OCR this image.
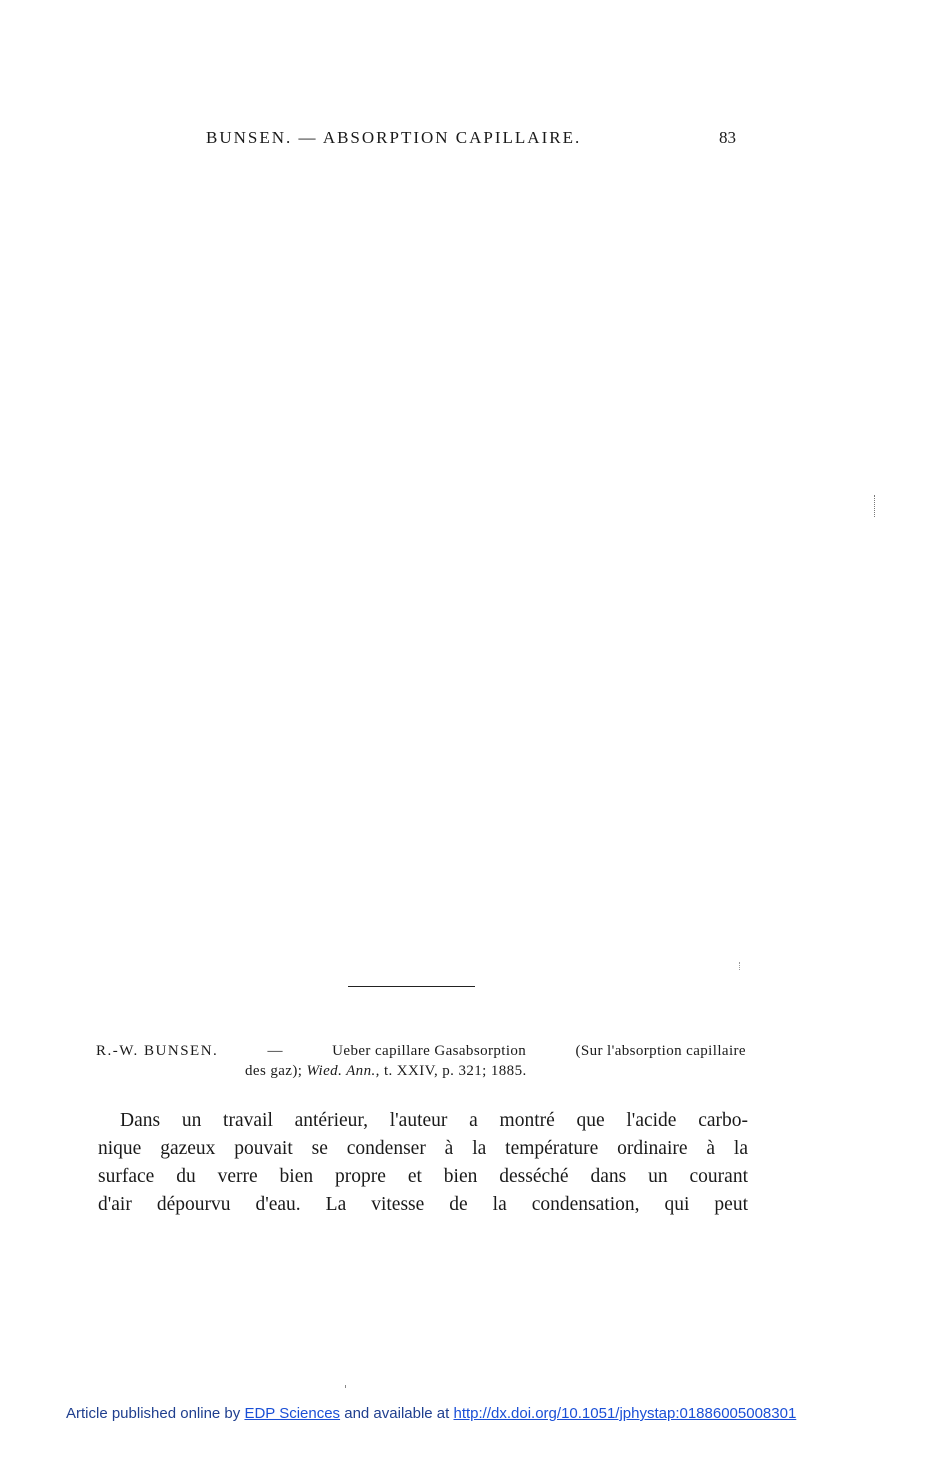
BUNSEN. — ABSORPTION CAPILLAIRE.	83
R.-W. BUNSEN.	—	Ueber capillare Gasabsorption	(Sur l'absorption capillaire
des gaz); Wied. Ann., t. XXIV, p. 321; 1885.
Dans un travail antérieur, l'auteur a montré que l'acide carbo-
nique gazeux pouvait se condenser à la température ordinaire à la
surface du verre bien propre et bien desséché dans un courant
d'air dépourvu d'eau. La vitesse de la condensation, qui peut
Article published online by EDP Sciences and available at http://dx.doi.org/10.1051/jphystap:01886005008301
